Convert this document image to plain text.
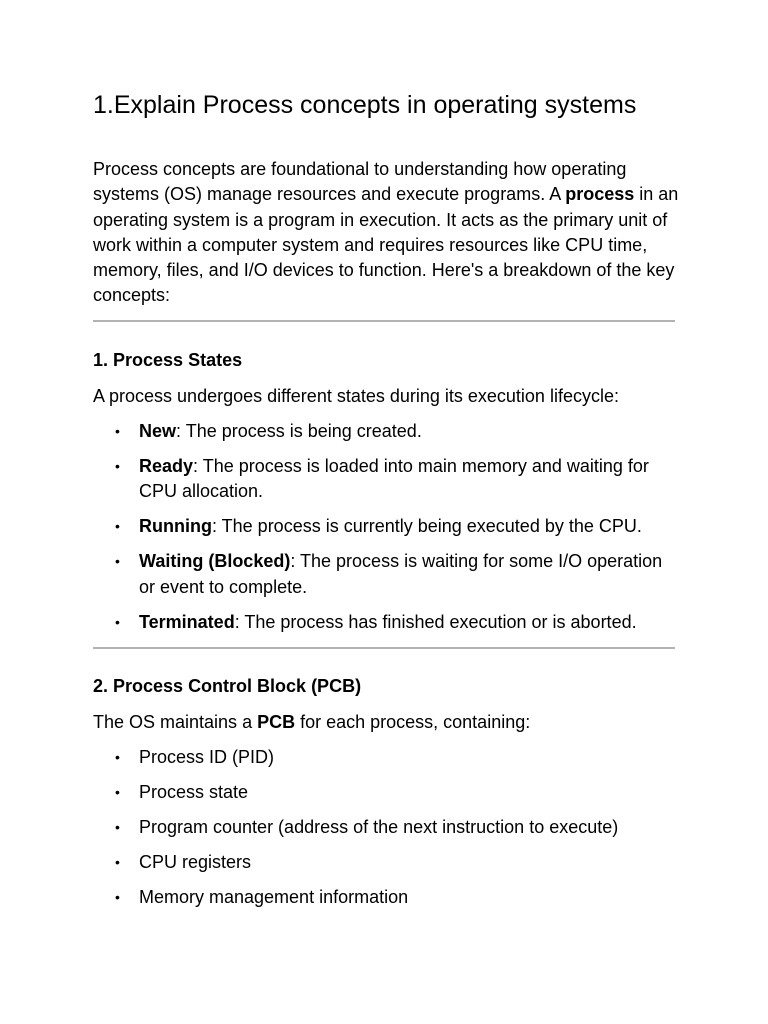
1.Explain Process concepts in operating systems

Process concepts are foundational to understanding how operating systems (OS) manage resources and execute programs. A process in an operating system is a program in execution. It acts as the primary unit of work within a computer system and requires resources like CPU time, memory, files, and I/O devices to function. Here's a breakdown of the key concepts:

1. Process States

A process undergoes different states during its execution lifecycle:

• New: The process is being created.
• Ready: The process is loaded into main memory and waiting for CPU allocation.
• Running: The process is currently being executed by the CPU.
• Waiting (Blocked): The process is waiting for some I/O operation or event to complete.
• Terminated: The process has finished execution or is aborted.
2. Process Control Block (PCB)

The OS maintains a PCB for each process, containing:

• Process ID (PID)
• Process state
• Program counter (address of the next instruction to execute)
• CPU registers
• Memory management information
